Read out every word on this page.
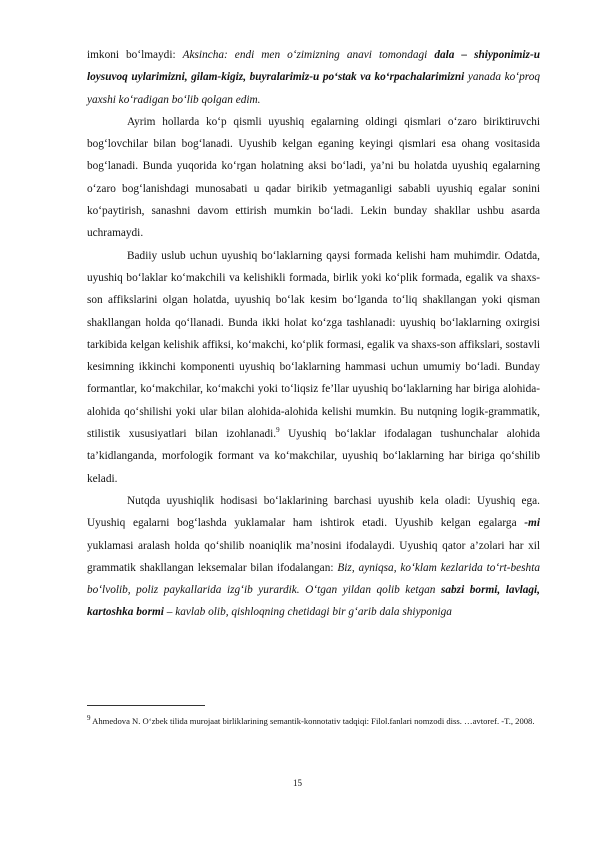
imkoni bo‘lmaydi: Aksincha: endi men o‘zimizning anavi tomondagi dala – shiyponimiz-u loysuvoq uylarimizni, gilam-kigiz, buyralarimiz-u po‘stak va ko‘rpachalarimizni yanada ko‘proq yaxshi ko‘radigan bo‘lib qolgan edim.

Ayrim hollarda ko‘p qismli uyushiq egalarning oldingi qismlari o‘zaro biriktiruvchi bog‘lovchilar bilan bog‘lanadi. Uyushib kelgan eganing keyingi qismlari esa ohang vositasida bog‘lanadi. Bunda yuqorida ko‘rgan holatning aksi bo‘ladi, ya’ni bu holatda uyushiq egalarning o‘zaro bog‘lanishdagi munosabati u qadar birikib yetmaganligi sababli uyushiq egalar sonini ko‘paytirish, sanashni davom ettirish mumkin bo‘ladi. Lekin bunday shakllar ushbu asarda uchramaydi.

Badiiy uslub uchun uyushiq bo‘laklarning qaysi formada kelishi ham muhimdir. Odatda, uyushiq bo‘laklar ko‘makchili va kelishikli formada, birlik yoki ko‘plik formada, egalik va shaxs-son affikslarini olgan holatda, uyushiq bo‘lak kesim bo‘lganda to‘liq shakllangan yoki qisman shakllangan holda qo‘llanadi. Bunda ikki holat ko‘zga tashlanadi: uyushiq bo‘laklarning oxirgisi tarkibida kelgan kelishik affiksi, ko‘makchi, ko‘plik formasi, egalik va shaxs-son affikslari, sostavli kesimning ikkinchi komponenti uyushiq bo‘laklarning hammasi uchun umumiy bo‘ladi. Bunday formantlar, ko‘makchilar, ko‘makchi yoki to‘liqsiz fe’llar uyushiq bo‘laklarning har biriga alohida-alohida qo‘shilishi yoki ular bilan alohida-alohida kelishi mumkin. Bu nutqning logik-grammatik, stilistik xususiyatlari bilan izohlanadi.$^9$ Uyushiq bo‘laklar ifodalagan tushunchalar alohida ta’kidlanganda, morfologik formant va ko‘makchilar, uyushiq bo‘laklarning har biriga qo‘shilib keladi.

Nutqda uyushiqlik hodisasi bo‘laklarining barchasi uyushib kela oladi: Uyushiq ega. Uyushiq egalarni bog‘lashda yuklamalar ham ishtirok etadi. Uyushib kelgan egalarga -mi yuklamasi aralash holda qo‘shilib noaniqlik ma’nosini ifodalaydi. Uyushiq qator a’zolari har xil grammatik shakllangan leksemalar bilan ifodalangan: Biz, ayniqsa, ko‘klam kezlarida to‘rt-beshta bo‘lvolib, poliz paykallarida izg‘ib yurardik. O‘tgan yildan qolib ketgan sabzi bormi, lavlagi, kartoshka bormi – kavlab olib, qishloqning chetidagi bir g‘arib dala shiyponiga

$^9$ Ahmedova N. O‘zbek tilida murojaat birliklarining semantik-konnotativ tadqiqi: Filol.fanlari nomzodi diss. …avtoref. -T., 2008.

15
